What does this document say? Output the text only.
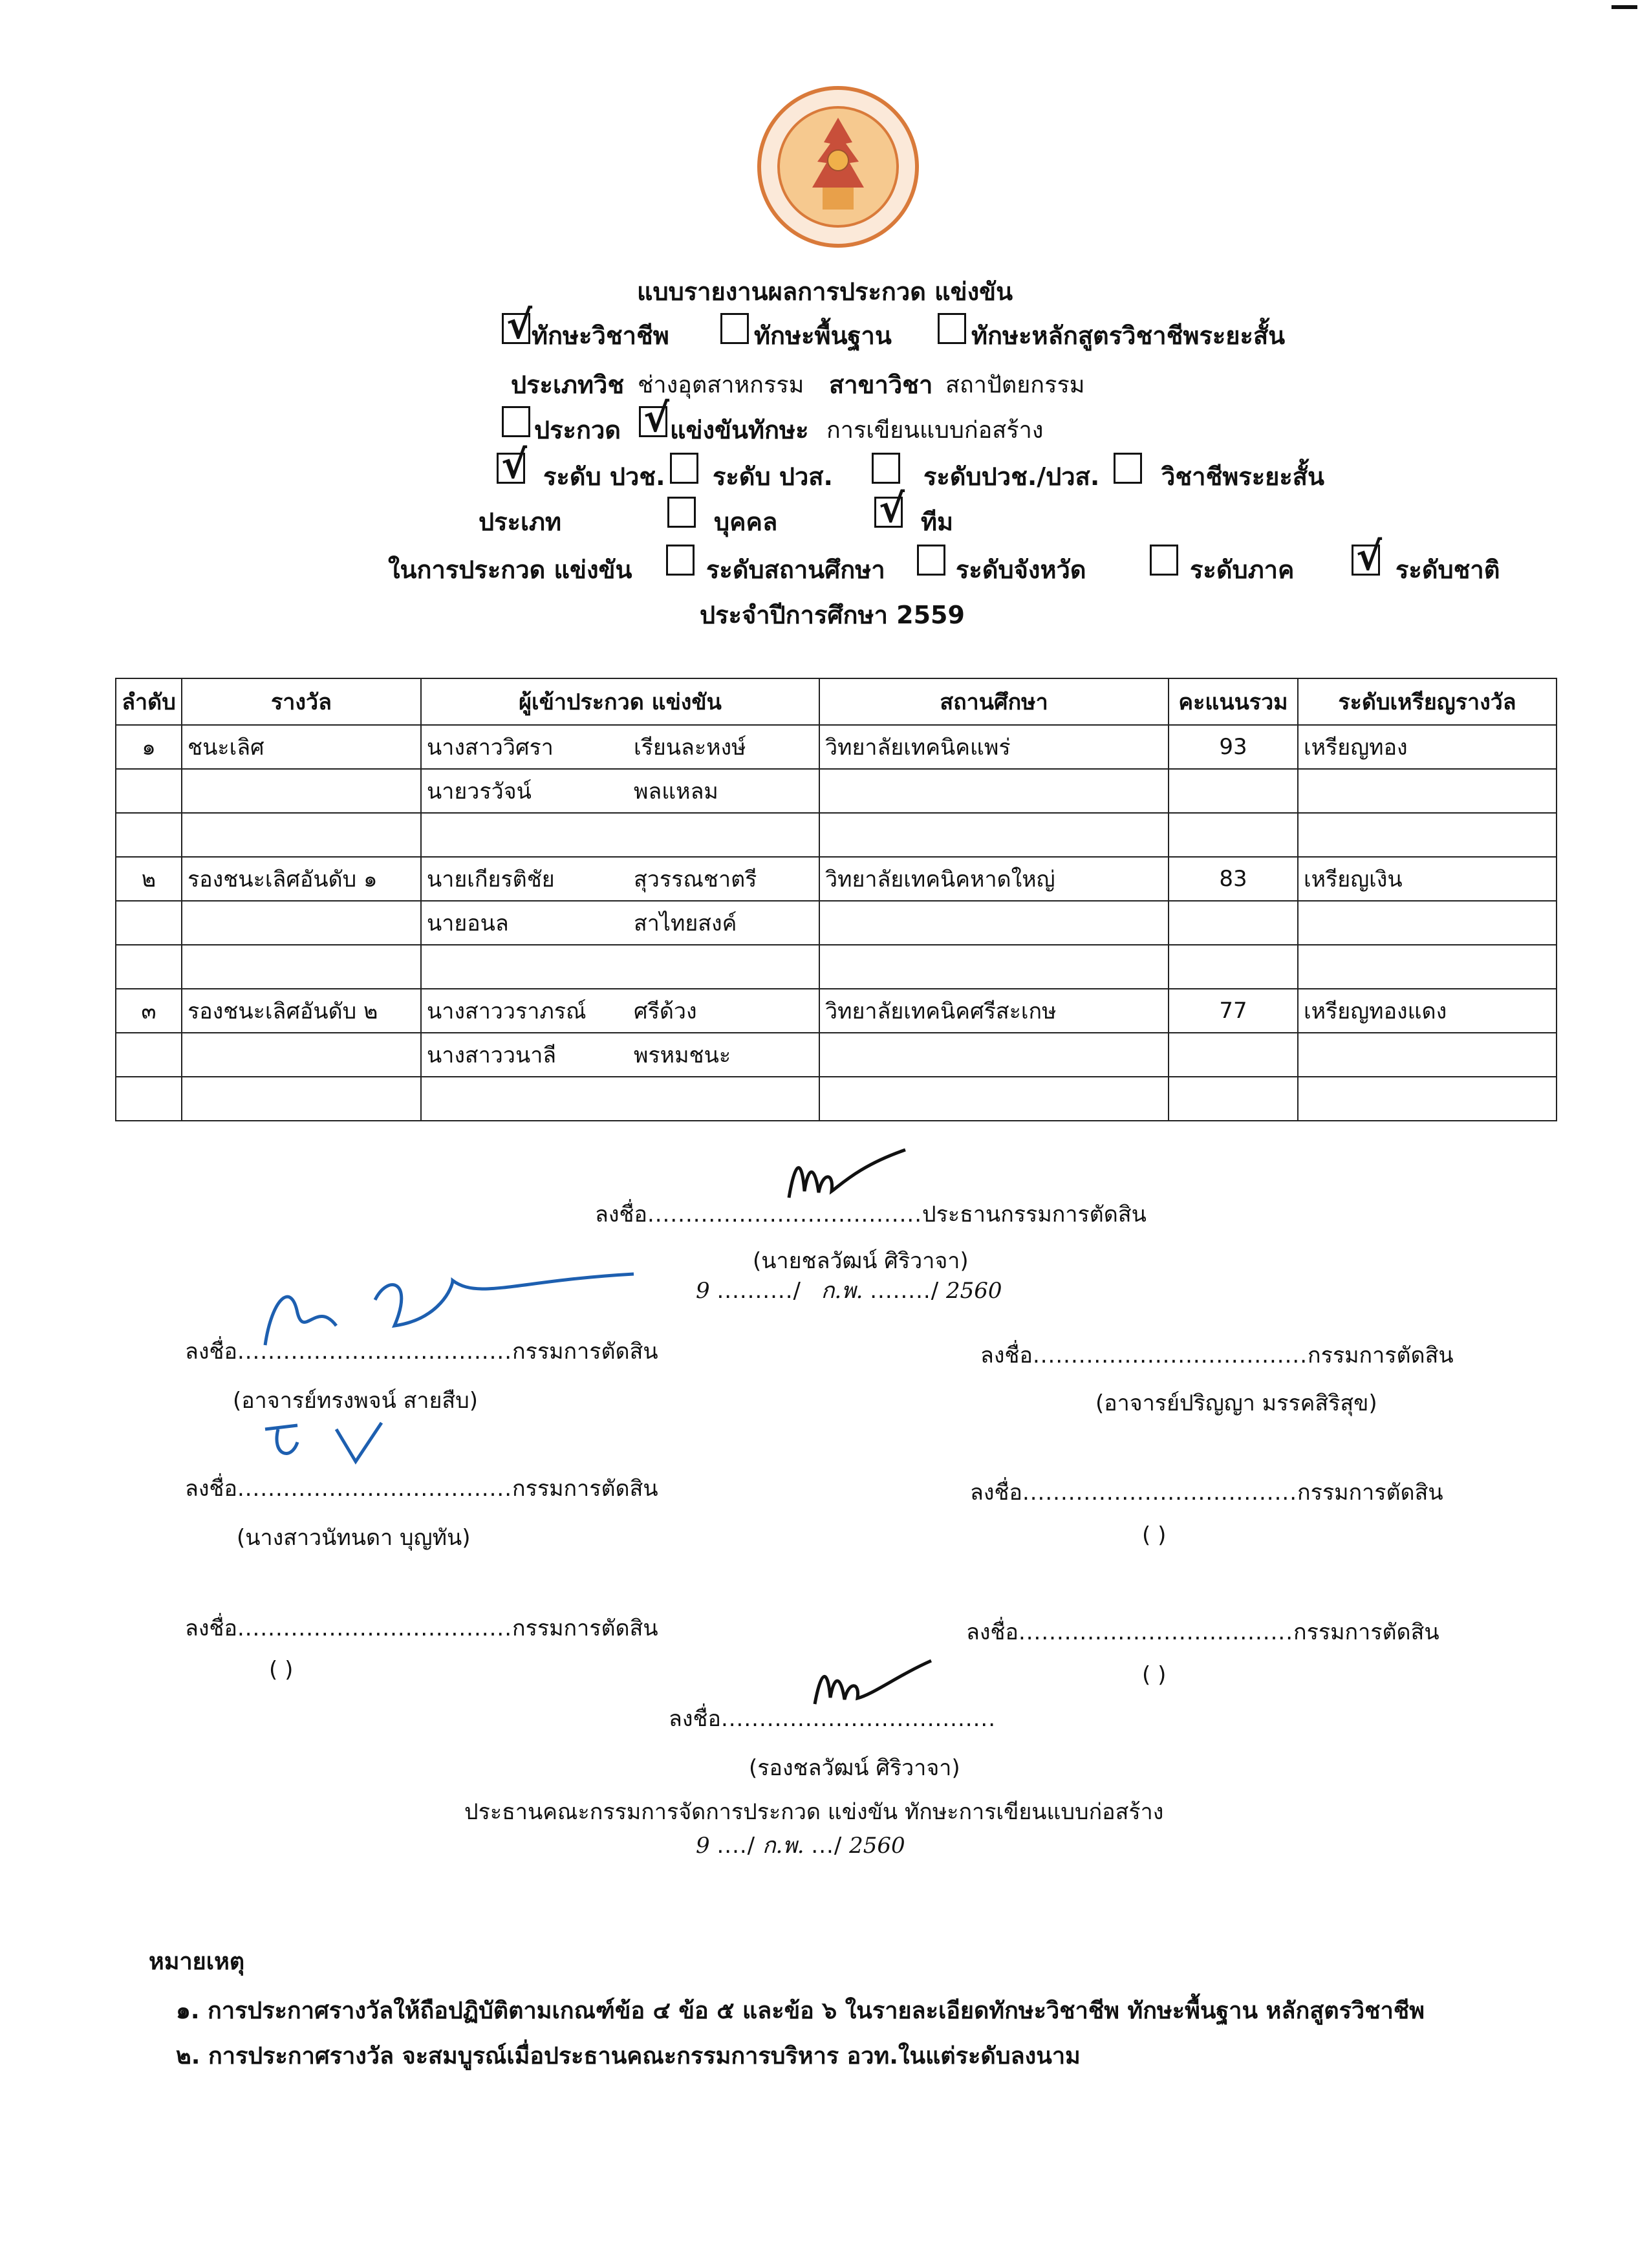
แบบรายงานผลการประกวด แข่งขัน
√
ทักษะวิชาชีพ	ทักษะพื้นฐาน	ทักษะหลักสูตรวิชาชีพระยะสั้น
ประเภทวิช ช่างอุตสาหกรรม สาขาวิชา สถาปัตยกรรม
ประกวด √ แข่งขันทักษะ การเขียนแบบก่อสร้าง
√ ระดับ ปวช. ระดับ ปวส.	ระดับปวช./ปวส.	วิชาชีพระยะสั้น
ประเภท	บุคคล	√ ทีม
ในการประกวด แข่งขัน	ระดับสถานศึกษา	ระดับจังหวัด	ระดับภาค √ ระดับชาติ
ประจำปีการศึกษา 2559
ลำดับ	รางวัล	ผู้เข้าประกวด แข่งขัน	สถานศึกษา	คะแนนรวม	ระดับเหรียญรางวัล
๑	ชนะเลิศ	นางสาววิศรา เรียนละหงษ์	วิทยาลัยเทคนิคแพร่	93	เหรียญทอง
		นายวรวัจน์ พลแหลม			

๒	รองชนะเลิศอันดับ ๑	นายเกียรติชัย สุวรรณชาตรี	วิทยาลัยเทคนิคหาดใหญ่	83	เหรียญเงิน
		นายอนล สาไทยสงค์			

๓	รองชนะเลิศอันดับ ๒	นางสาววราภรณ์ ศรีด้วง	วิทยาลัยเทคนิคศรีสะเกษ	77	เหรียญทองแดง
		นางสาววนาลี พรหมชนะ			

ลงชื่อ....................................ประธานกรรมการตัดสิน
(นายชลวัฒน์ ศิริวาจา)
9 ........../ ก.พ. ......../ 2560
ลงชื่อ....................................กรรมการตัดสิน
(อาจารย์ทรงพจน์ สายสืบ)
ลงชื่อ....................................กรรมการตัดสิน
(อาจารย์ปริญญา มรรคสิริสุข)
ลงชื่อ....................................กรรมการตัดสิน
(นางสาวนัทนดา บุญทัน)
ลงชื่อ....................................กรรมการตัดสิน
( )
ลงชื่อ....................................กรรมการตัดสิน
( )
ลงชื่อ....................................กรรมการตัดสิน
( )
ลงชื่อ....................................
(รองชลวัฒน์ ศิริวาจา)
ประธานคณะกรรมการจัดการประกวด แข่งขัน ทักษะการเขียนแบบก่อสร้าง
9 ..../ ก.พ. .../ 2560
หมายเหตุ
๑. การประกาศรางวัลให้ถือปฏิบัติตามเกณฑ์ข้อ ๔ ข้อ ๕ และข้อ ๖ ในรายละเอียดทักษะวิชาชีพ ทักษะพื้นฐาน หลักสูตรวิชาชีพ
๒. การประกาศรางวัล จะสมบูรณ์เมื่อประธานคณะกรรมการบริหาร อวท.ในแต่ระดับลงนาม
